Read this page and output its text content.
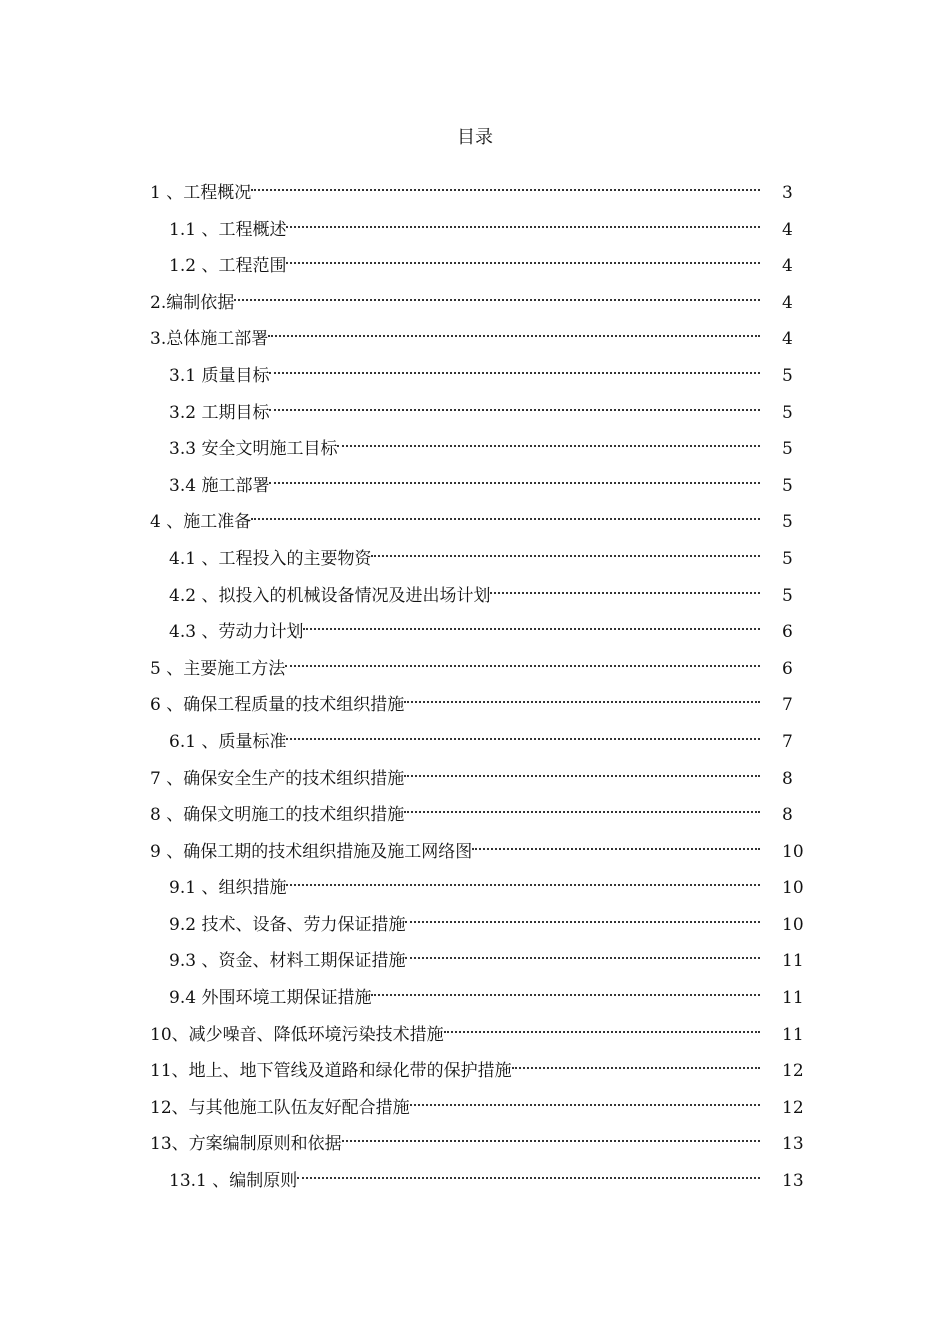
目录
1 、工程概况	3
1.1 、工程概述	4
1.2 、工程范围	4
2. 编制依据	4
3. 总体施工部署	4
3.1 质量目标	5
3.2 工期目标	5
3.3 安全文明施工目标	5
3.4 施工部署	5
4 、施工准备	5
4.1 、工程投入的主要物资	5
4.2 、拟投入的机械设备情况及进出场计划	5
4.3 、劳动力计划	6
5 、主要施工方法	6
6 、确保工程质量的技术组织措施	7
6.1 、质量标准	7
7 、确保安全生产的技术组织措施	8
8 、确保文明施工的技术组织措施	8
9 、确保工期的技术组织措施及施工网络图	10
9.1 、组织措施	10
9.2 技术、设备、劳力保证措施	10
9.3 、资金、材料工期保证措施	11
9.4 外围环境工期保证措施	11
10 、减少噪音、降低环境污染技术措施	11
11 、地上、地下管线及道路和绿化带的保护措施	12
12 、与其他施工队伍友好配合措施	12
13 、方案编制原则和依据	13
13.1 、编制原则	13
